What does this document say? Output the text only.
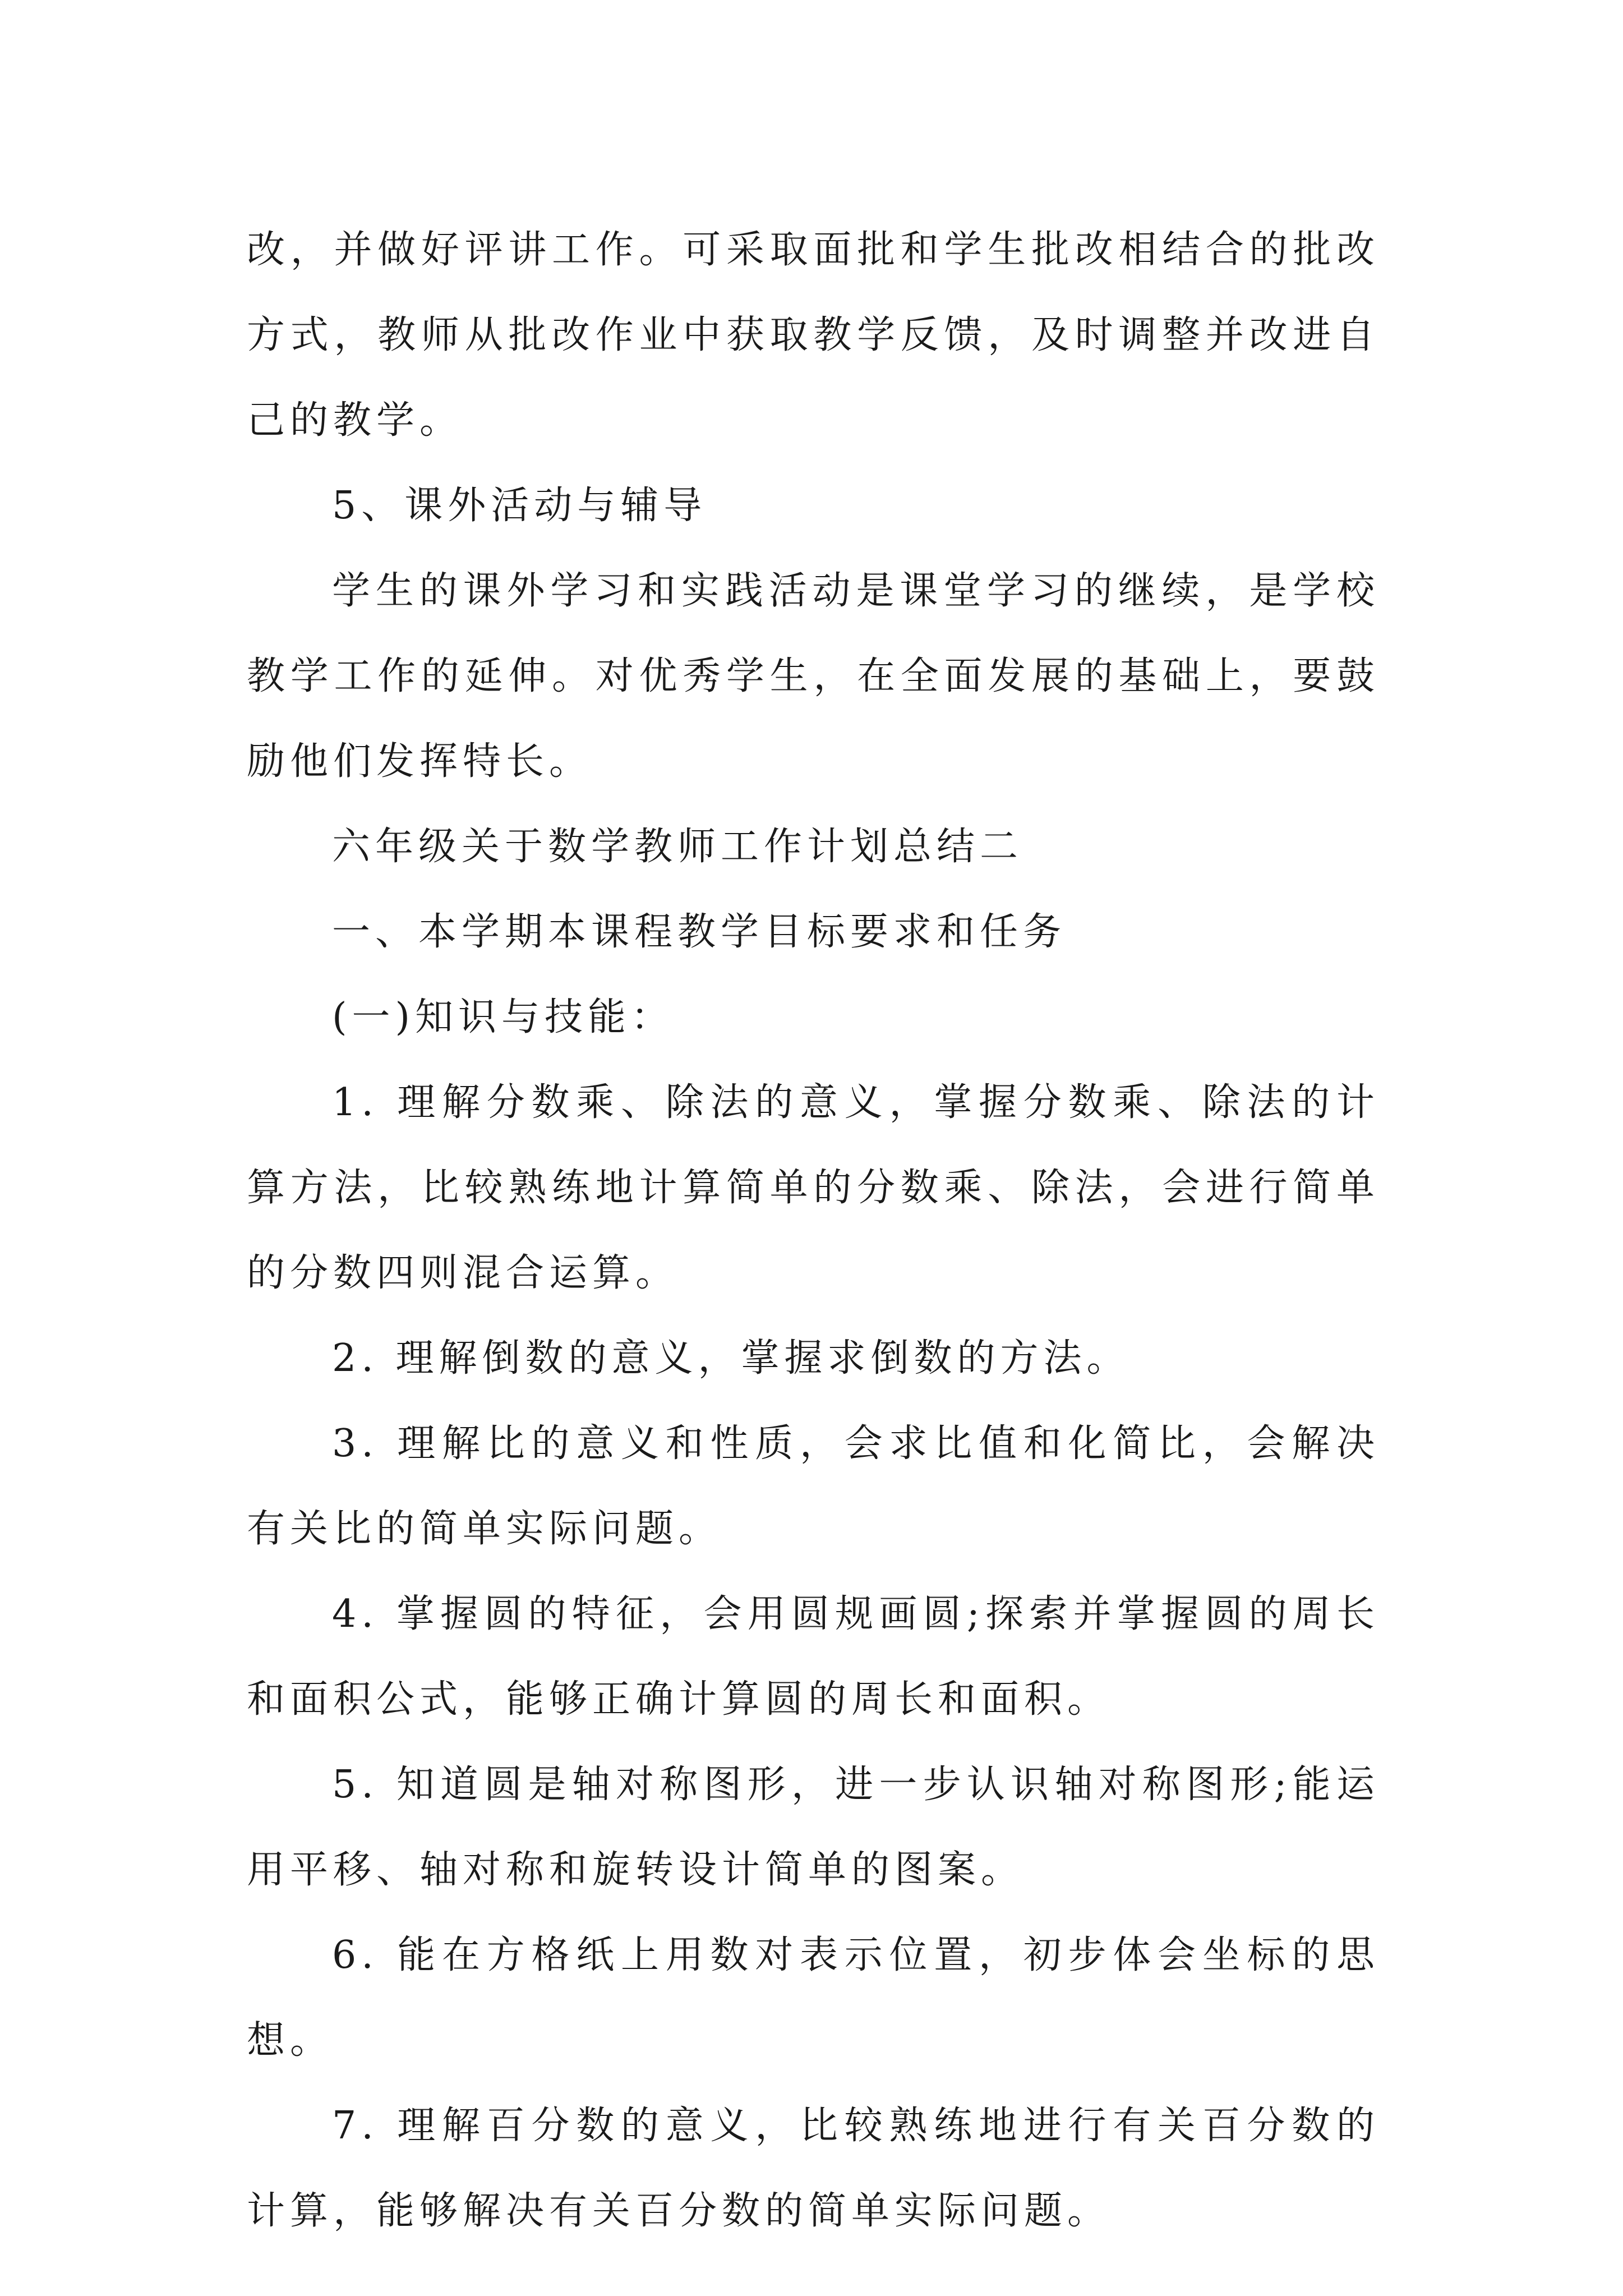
改，并做好评讲工作。可采取面批和学生批改相结合的批改方式，教师从批改作业中获取教学反馈，及时调整并改进自己的教学。

5、课外活动与辅导

学生的课外学习和实践活动是课堂学习的继续，是学校教学工作的延伸。对优秀学生，在全面发展的基础上，要鼓励他们发挥特长。

六年级关于数学教师工作计划总结二

一、本学期本课程教学目标要求和任务

(一)知识与技能：

1. 理解分数乘、除法的意义，掌握分数乘、除法的计算方法，比较熟练地计算简单的分数乘、除法，会进行简单的分数四则混合运算。

2. 理解倒数的意义，掌握求倒数的方法。

3. 理解比的意义和性质，会求比值和化简比，会解决有关比的简单实际问题。

4. 掌握圆的特征，会用圆规画圆;探索并掌握圆的周长和面积公式，能够正确计算圆的周长和面积。

5. 知道圆是轴对称图形，进一步认识轴对称图形;能运用平移、轴对称和旋转设计简单的图案。

6. 能在方格纸上用数对表示位置，初步体会坐标的思想。

7. 理解百分数的意义，比较熟练地进行有关百分数的计算，能够解决有关百分数的简单实际问题。
